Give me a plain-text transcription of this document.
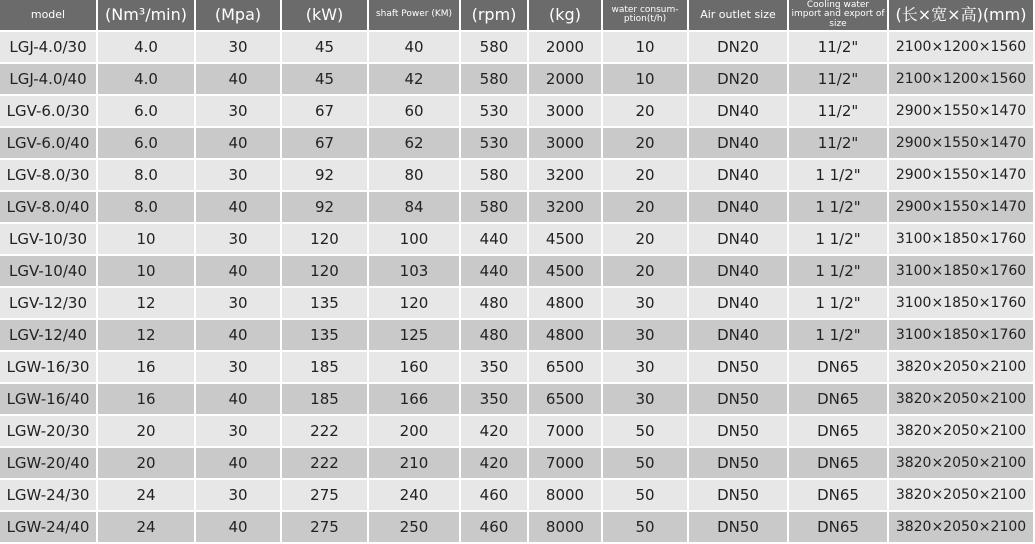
model	(Nm³/min)	(Mpa)	(kW)	shaft Power (KM)	(rpm)	(kg)	water consum- ption(t/h)	Air outlet size	Cooling water import and export of size	(长×宽×高)(mm)
LGJ-4.0/30	4.0	30	45	40	580	2000	10	DN20	11/2"	2100×1200×1560
LGJ-4.0/40	4.0	40	45	42	580	2000	10	DN20	11/2"	2100×1200×1560
LGV-6.0/30	6.0	30	67	60	530	3000	20	DN40	11/2"	2900×1550×1470
LGV-6.0/40	6.0	40	67	62	530	3000	20	DN40	11/2"	2900×1550×1470
LGV-8.0/30	8.0	30	92	80	580	3200	20	DN40	1 1/2"	2900×1550×1470
LGV-8.0/40	8.0	40	92	84	580	3200	20	DN40	1 1/2"	2900×1550×1470
LGV-10/30	10	30	120	100	440	4500	20	DN40	1 1/2"	3100×1850×1760
LGV-10/40	10	40	120	103	440	4500	20	DN40	1 1/2"	3100×1850×1760
LGV-12/30	12	30	135	120	480	4800	30	DN40	1 1/2"	3100×1850×1760
LGV-12/40	12	40	135	125	480	4800	30	DN40	1 1/2"	3100×1850×1760
LGW-16/30	16	30	185	160	350	6500	30	DN50	DN65	3820×2050×2100
LGW-16/40	16	40	185	166	350	6500	30	DN50	DN65	3820×2050×2100
LGW-20/30	20	30	222	200	420	7000	50	DN50	DN65	3820×2050×2100
LGW-20/40	20	40	222	210	420	7000	50	DN50	DN65	3820×2050×2100
LGW-24/30	24	30	275	240	460	8000	50	DN50	DN65	3820×2050×2100
LGW-24/40	24	40	275	250	460	8000	50	DN50	DN65	3820×2050×2100
